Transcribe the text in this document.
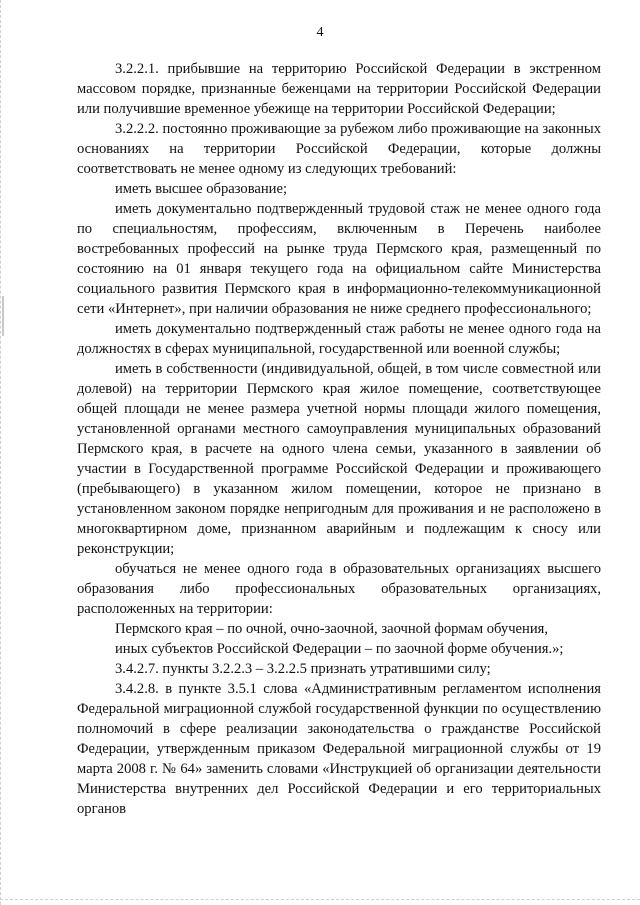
4

3.2.2.1. прибывшие на территорию Российской Федерации в экстренном массовом порядке, признанные беженцами на территории Российской Федерации или получившие временное убежище на территории Российской Федерации;

3.2.2.2. постоянно проживающие за рубежом либо проживающие на законных основаниях на территории Российской Федерации, которые должны соответствовать не менее одному из следующих требований:

иметь высшее образование;

иметь документально подтвержденный трудовой стаж не менее одного года по специальностям, профессиям, включенным в Перечень наиболее востребованных профессий на рынке труда Пермского края, размещенный по состоянию на 01 января текущего года на официальном сайте Министерства социального развития Пермского края в информационно-телекоммуникационной сети «Интернет», при наличии образования не ниже среднего профессионального;

иметь документально подтвержденный стаж работы не менее одного года на должностях в сферах муниципальной, государственной или военной службы;

иметь в собственности (индивидуальной, общей, в том числе совместной или долевой) на территории Пермского края жилое помещение, соответствующее общей площади не менее размера учетной нормы площади жилого помещения, установленной органами местного самоуправления муниципальных образований Пермского края, в расчете на одного члена семьи, указанного в заявлении об участии в Государственной программе Российской Федерации и проживающего (пребывающего) в указанном жилом помещении, которое не признано в установленном законом порядке непригодным для проживания и не расположено в многоквартирном доме, признанном аварийным и подлежащим к сносу или реконструкции;

обучаться не менее одного года в образовательных организациях высшего образования либо профессиональных образовательных организациях, расположенных на территории:

Пермского края – по очной, очно-заочной, заочной формам обучения,

иных субъектов Российской Федерации – по заочной форме обучения.»;

3.4.2.7. пункты 3.2.2.3 – 3.2.2.5 признать утратившими силу;

3.4.2.8. в пункте 3.5.1 слова «Административным регламентом исполнения Федеральной миграционной службой государственной функции по осуществлению полномочий в сфере реализации законодательства о гражданстве Российской Федерации, утвержденным приказом Федеральной миграционной службы от 19 марта 2008 г. № 64» заменить словами «Инструкцией об организации деятельности Министерства внутренних дел Российской Федерации и его территориальных органов
